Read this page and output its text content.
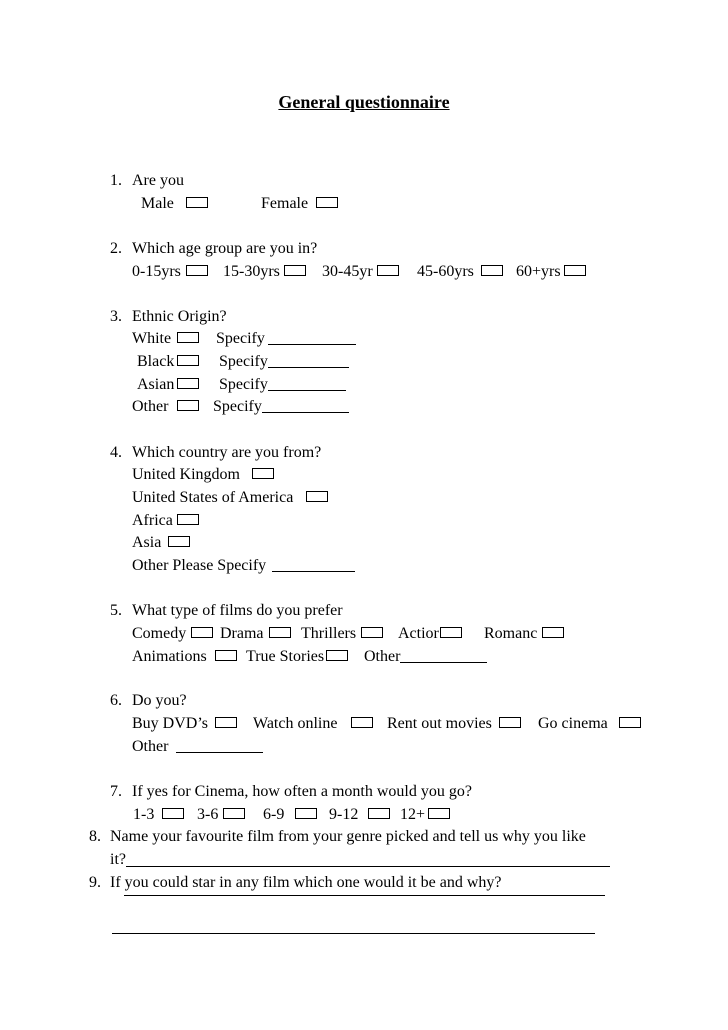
General questionnaire
1. Are you
Male	Female
2. Which age group are you in?
0-15yrs	15-30yrs	30-45yr	45-60yrs	60+yrs
3. Ethnic Origin?
White	Specify
Black	Specify
Asian	Specify
Other	Specify
4. Which country are you from?
United Kingdom
United States of America
Africa
Asia
Other Please Specify
5. What type of films do you prefer
Comedy Drama Thrillers	Actior	Romanc
Animations True Stories Other
6. Do you?
Buy DVD’s	Watch online	Rent out movies	Go cinema
Other
7. If yes for Cinema, how often a month would you go?
1-3	3-6	6-9	9-12	12+
8. Name your favourite film from your genre picked and tell us why you like
it?
9. If you could star in any film which one would it be and why?
